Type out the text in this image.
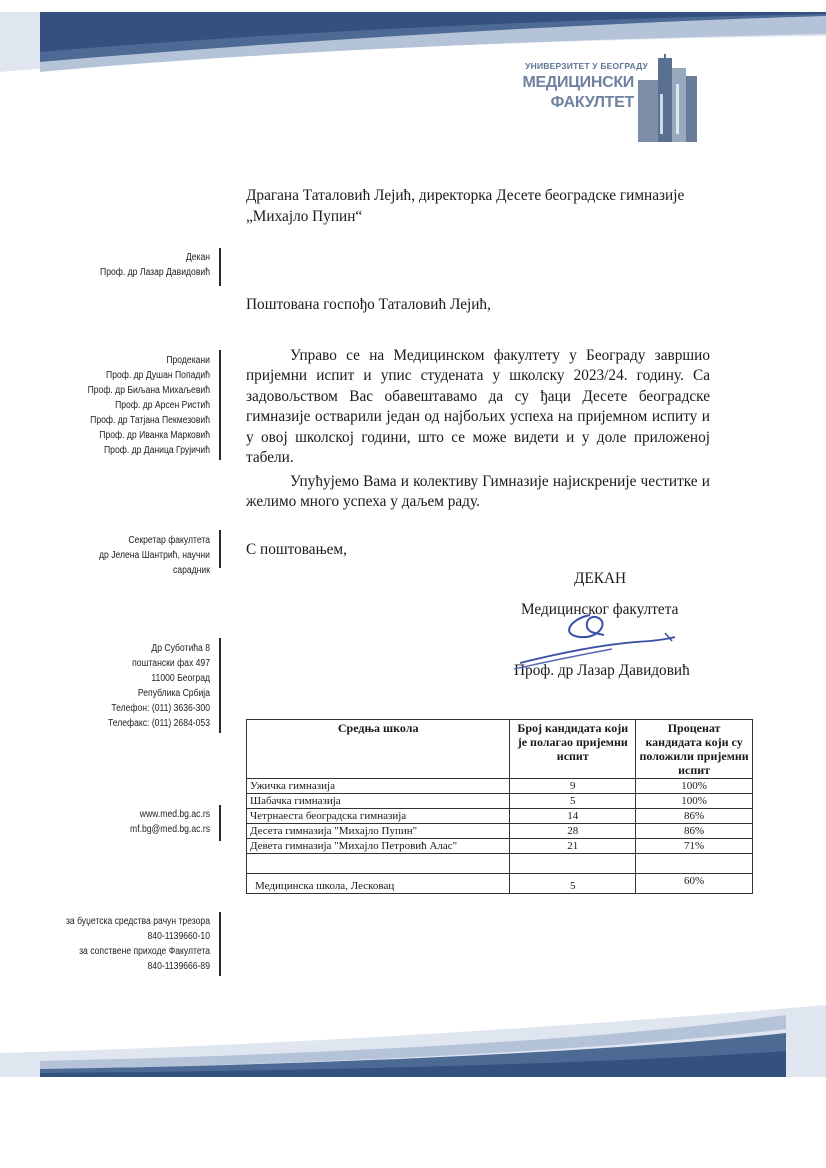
УНИВЕРЗИТЕТ У БЕОГРАДУ
МЕДИЦИНСКИ
ФАКУЛТЕТ
Драгана Таталовић Лејић, директорка Десете београдске гимназије
„Михајло Пупин“
Декан
Проф. др Лазар Давидовић
Продекани
Проф. др Душан Попадић
Проф. др Биљана Михаљевић
Проф. др Арсен Ристић
Проф. др Татјана Пекмезовић
Проф. др Иванка Марковић
Проф. др Даница Грујичић
Секретар факултета
др Јелена Шантрић, научни сарадник
Др Суботића 8
поштански фах 497
11000 Београд
Република Србија
Телефон: (011) 3636-300
Телефакс: (011) 2684-053
www.med.bg.ac.rs
mf.bg@med.bg.ac.rs
за буџетска средства рачун трезора
840-1139660-10
за сопствене приходе Факултета
840-1139666-89
Поштована госпођо Таталовић Лејић,
Управо се на Медицинском факултету у Београду завршио пријемни испит и упис студената у школску 2023/24. годину. Са задовољством Вас обавештавамо да су ђаци Десете београдске гимназије остварили један од најбољих успеха на пријемном испиту и у овој школској години, што се може видети и у доле приложеној табели.
Упућујемо Вама и колективу Гимназије најискреније честитке и желимо много успеха у даљем раду.
С поштовањем,
ДЕКАН
Медицинског факултета
Проф. др Лазар Давидовић
Средња школа	Број кандидата који је полагао пријемни испит	Проценат кандидата који су положили пријемни испит
Ужичка гимназија	9	100%
Шабачка гимназија	5	100%
Четрнаеста београдска гимназија	14	86%
Десета гимназија "Михајло Пупин"	28	86%
Девета гимназија "Михајло Петровић Алас"	21	71%

Медицинска школа, Лесковац	5	60%
